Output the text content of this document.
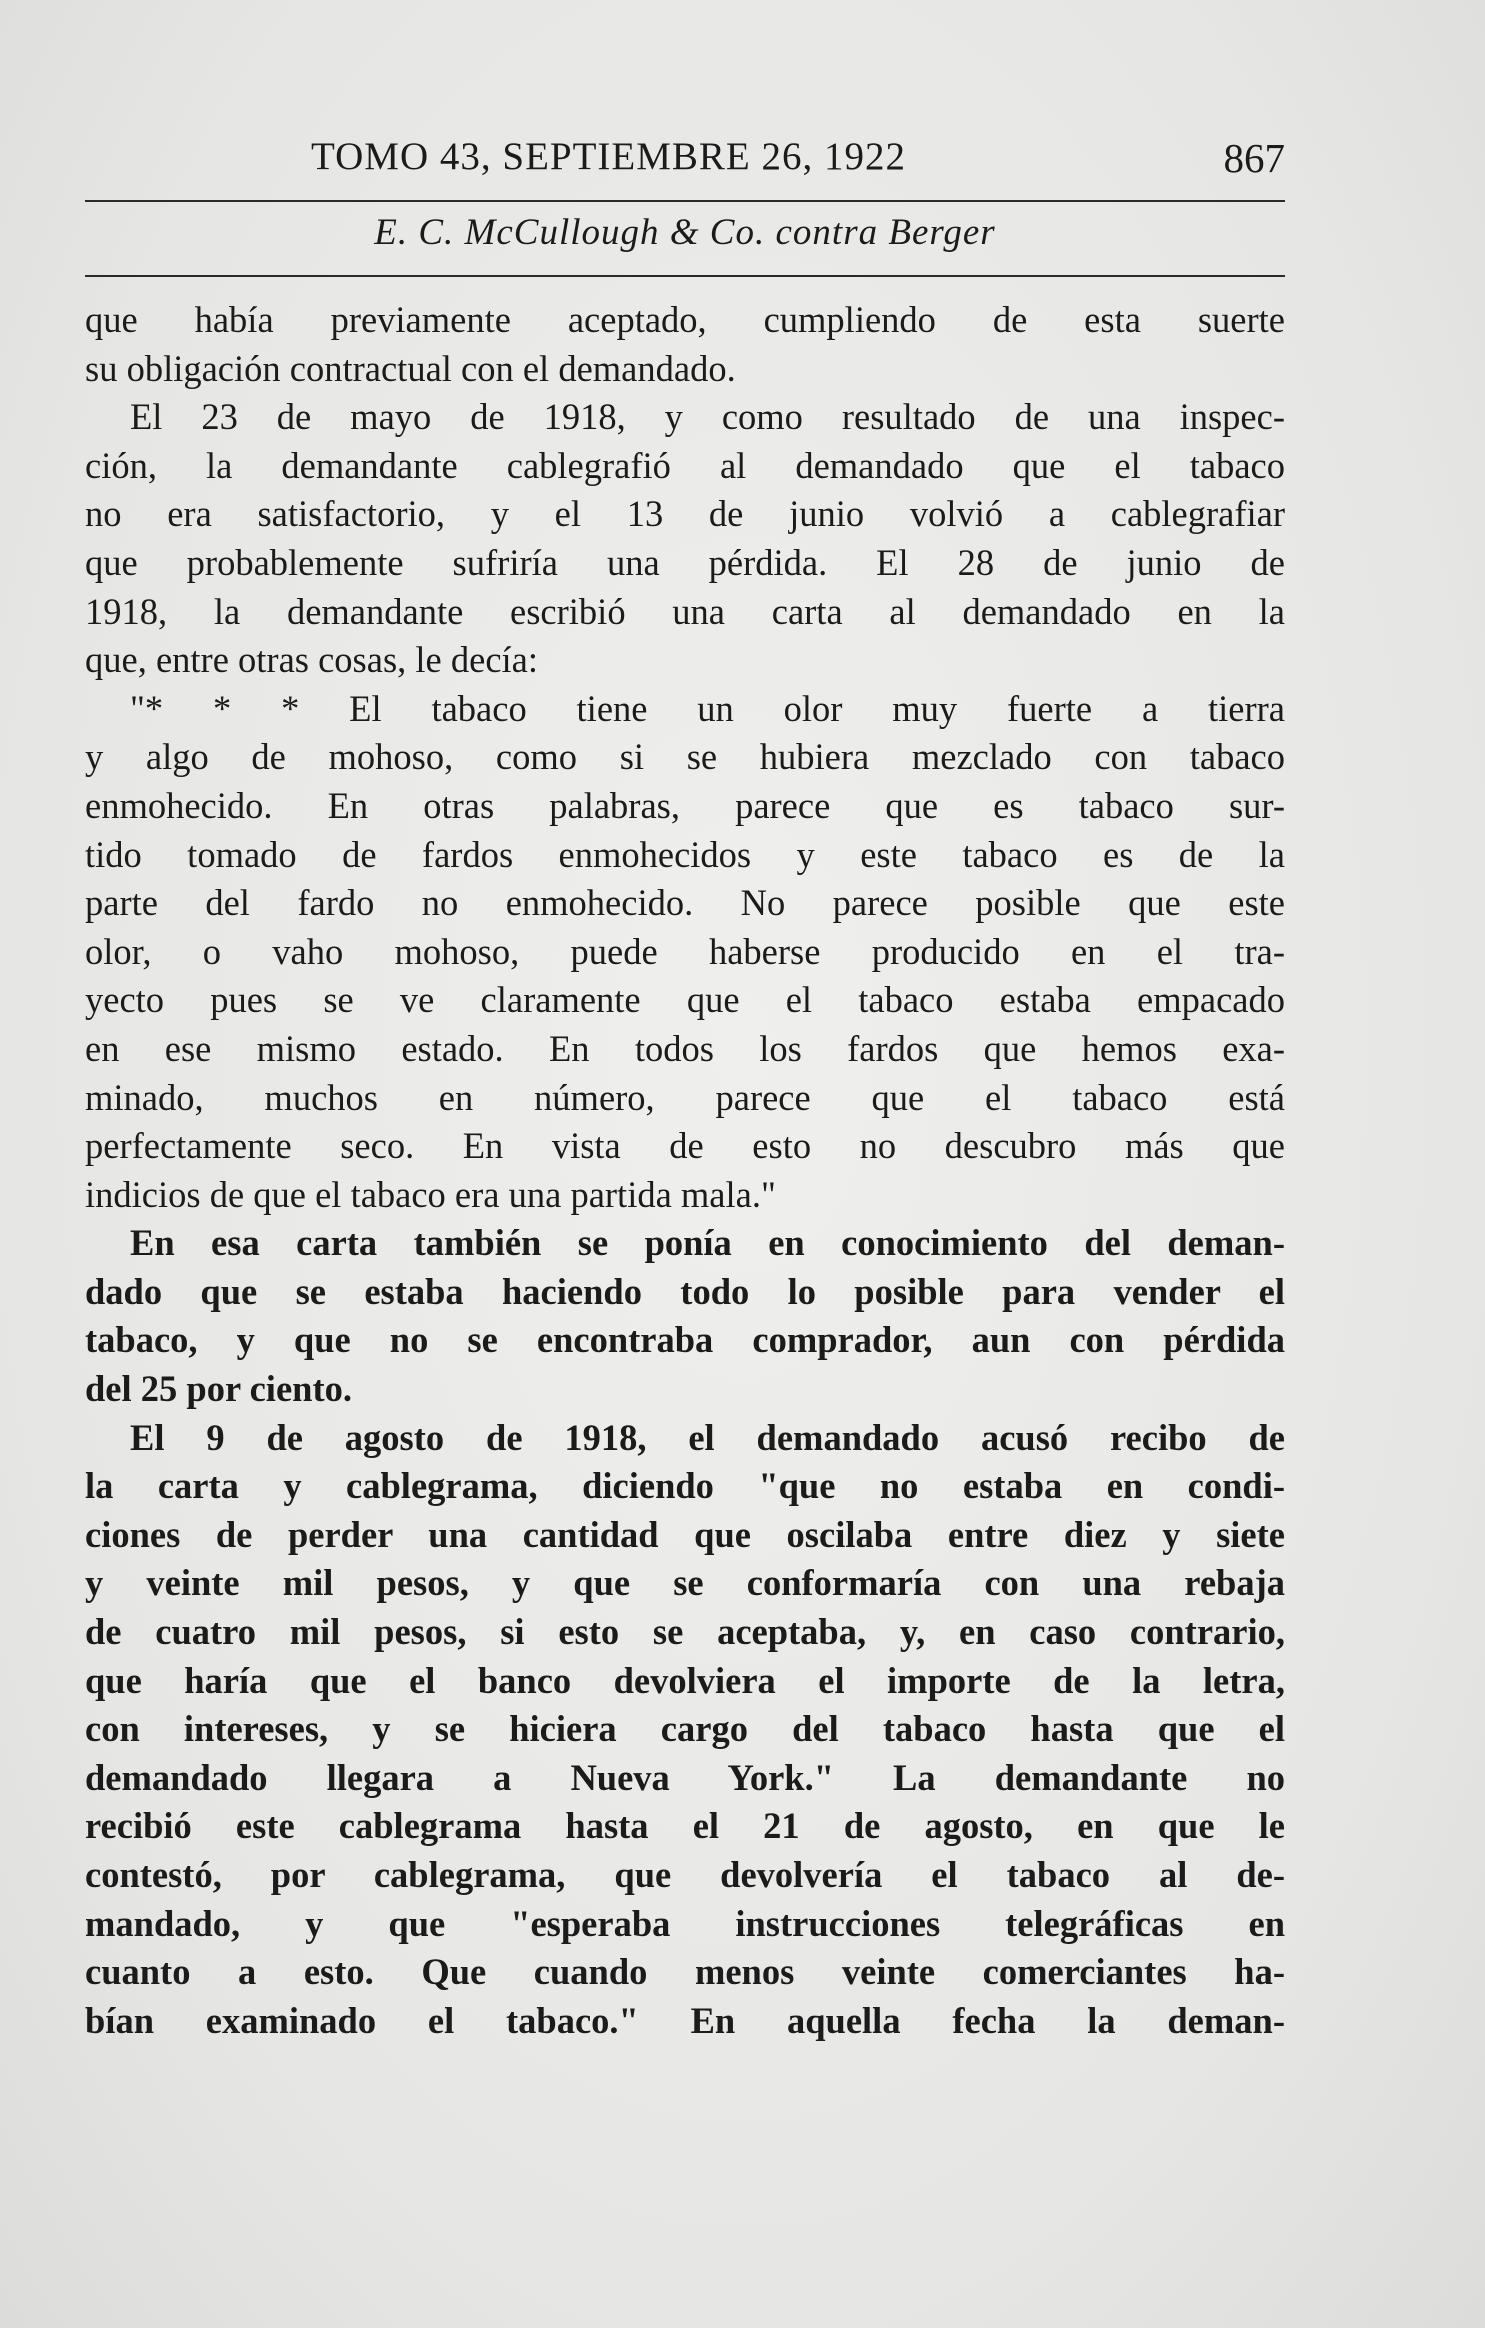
TOMO 43, SEPTIEMBRE 26, 1922	867
E. C. McCullough & Co. contra Berger
que había previamente aceptado, cumpliendo de esta suerte
su obligación contractual con el demandado.
El 23 de mayo de 1918, y como resultado de una inspec-
ción, la demandante cablegrafió al demandado que el tabaco
no era satisfactorio, y el 13 de junio volvió a cablegrafiar
que probablemente sufriría una pérdida. El 28 de junio de
1918, la demandante escribió una carta al demandado en la
que, entre otras cosas, le decía:
"* * * El tabaco tiene un olor muy fuerte a tierra
y algo de mohoso, como si se hubiera mezclado con tabaco
enmohecido. En otras palabras, parece que es tabaco sur-
tido tomado de fardos enmohecidos y este tabaco es de la
parte del fardo no enmohecido. No parece posible que este
olor, o vaho mohoso, puede haberse producido en el tra-
yecto pues se ve claramente que el tabaco estaba empacado
en ese mismo estado. En todos los fardos que hemos exa-
minado, muchos en número, parece que el tabaco está
perfectamente seco. En vista de esto no descubro más que
indicios de que el tabaco era una partida mala."
En esa carta también se ponía en conocimiento del deman-
dado que se estaba haciendo todo lo posible para vender el
tabaco, y que no se encontraba comprador, aun con pérdida
del 25 por ciento.
El 9 de agosto de 1918, el demandado acusó recibo de
la carta y cablegrama, diciendo "que no estaba en condi-
ciones de perder una cantidad que oscilaba entre diez y siete
y veinte mil pesos, y que se conformaría con una rebaja
de cuatro mil pesos, si esto se aceptaba, y, en caso contrario,
que haría que el banco devolviera el importe de la letra,
con intereses, y se hiciera cargo del tabaco hasta que el
demandado llegara a Nueva York." La demandante no
recibió este cablegrama hasta el 21 de agosto, en que le
contestó, por cablegrama, que devolvería el tabaco al de-
mandado, y que "esperaba instrucciones telegráficas en
cuanto a esto. Que cuando menos veinte comerciantes ha-
bían examinado el tabaco." En aquella fecha la deman-
